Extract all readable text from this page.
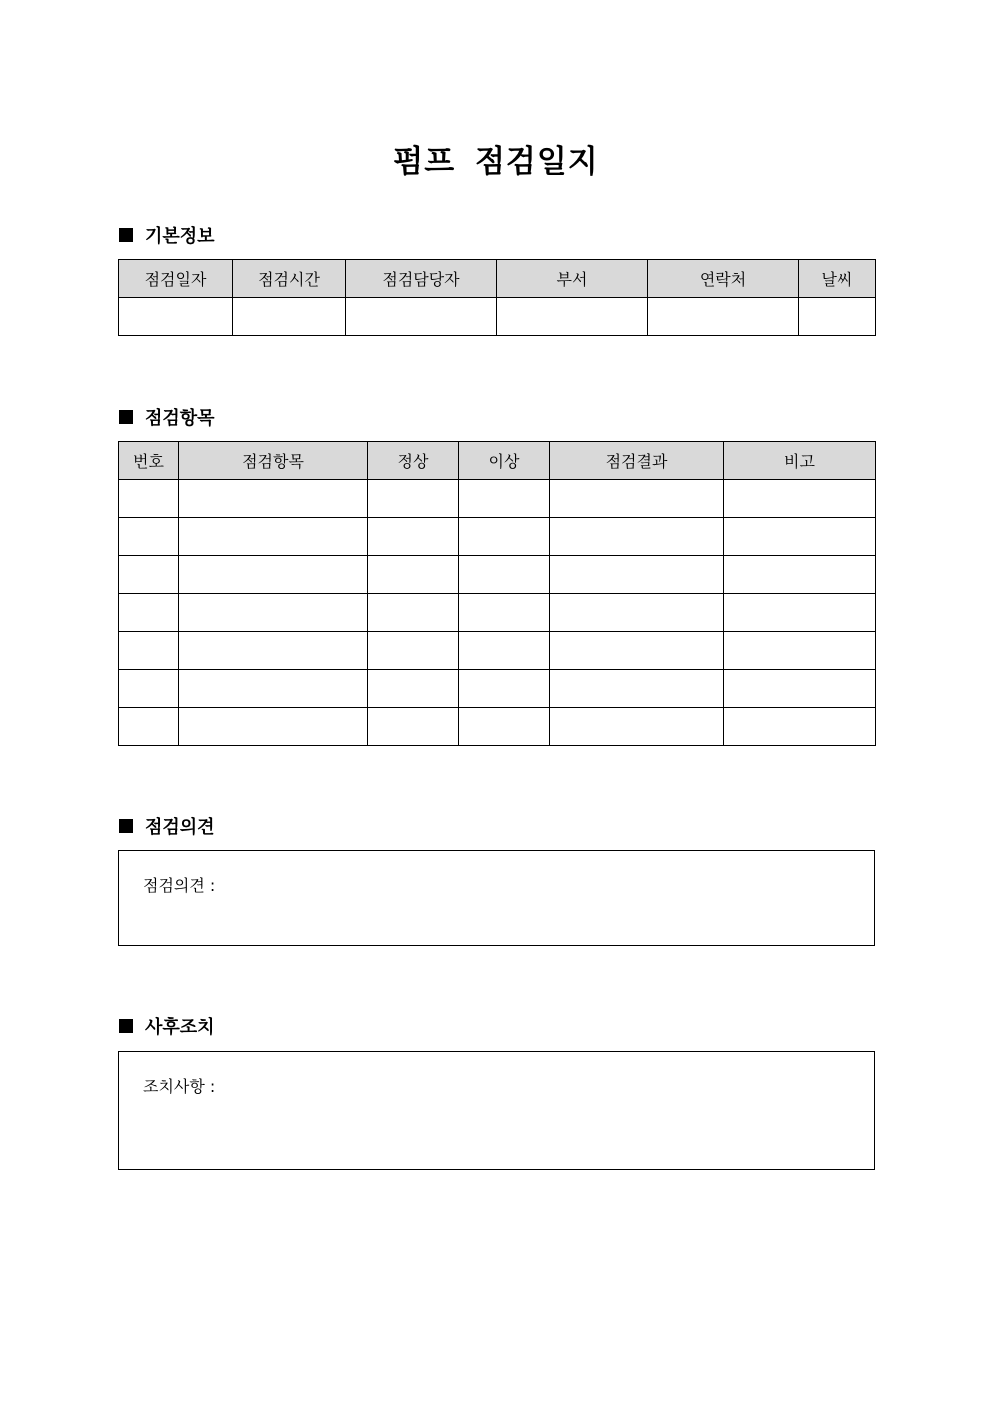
펌프 점검일지
기본정보
점검일자	점검시간	점검담당자	부서	연락처	날씨

점검항목
번호	점검항목	정상	이상	점검결과	비고

점검의견
점검의견 :
사후조치
조치사항 :
